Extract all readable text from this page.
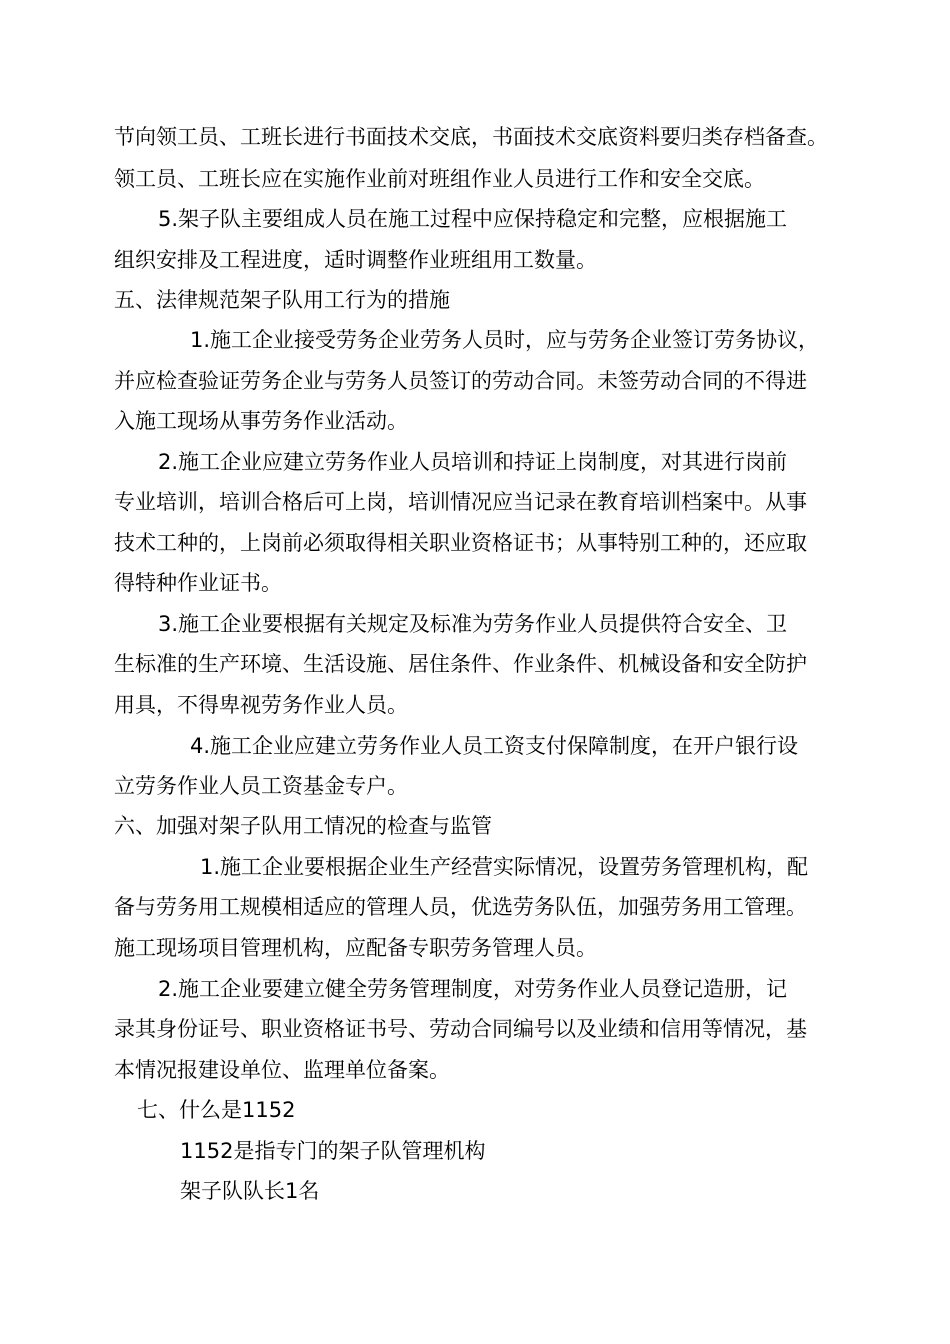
节向领工员、工班长进行书面技术交底，书面技术交底资料要归类存档备查。

领工员、工班长应在实施作业前对班组作业人员进行工作和安全交底。

5.架子队主要组成人员在施工过程中应保持稳定和完整，应根据施工

组织安排及工程进度，适时调整作业班组用工数量。

五、法律规范架子队用工行为的措施

1.施工企业接受劳务企业劳务人员时，应与劳务企业签订劳务协议，

并应检查验证劳务企业与劳务人员签订的劳动合同。未签劳动合同的不得进

入施工现场从事劳务作业活动。

2.施工企业应建立劳务作业人员培训和持证上岗制度，对其进行岗前

专业培训，培训合格后可上岗，培训情况应当记录在教育培训档案中。从事

技术工种的，上岗前必须取得相关职业资格证书；从事特别工种的，还应取

得特种作业证书。

3.施工企业要根据有关规定及标准为劳务作业人员提供符合安全、卫

生标准的生产环境、生活设施、居住条件、作业条件、机械设备和安全防护

用具，不得卑视劳务作业人员。

4.施工企业应建立劳务作业人员工资支付保障制度，在开户银行设

立劳务作业人员工资基金专户。

六、加强对架子队用工情况的检查与监管

1.施工企业要根据企业生产经营实际情况，设置劳务管理机构，配

备与劳务用工规模相适应的管理人员，优选劳务队伍，加强劳务用工管理。

施工现场项目管理机构，应配备专职劳务管理人员。

2.施工企业要建立健全劳务管理制度，对劳务作业人员登记造册，记

录其身份证号、职业资格证书号、劳动合同编号以及业绩和信用等情况，基

本情况报建设单位、监理单位备案。

七、什么是1152

1152是指专门的架子队管理机构

架子队队长1名
